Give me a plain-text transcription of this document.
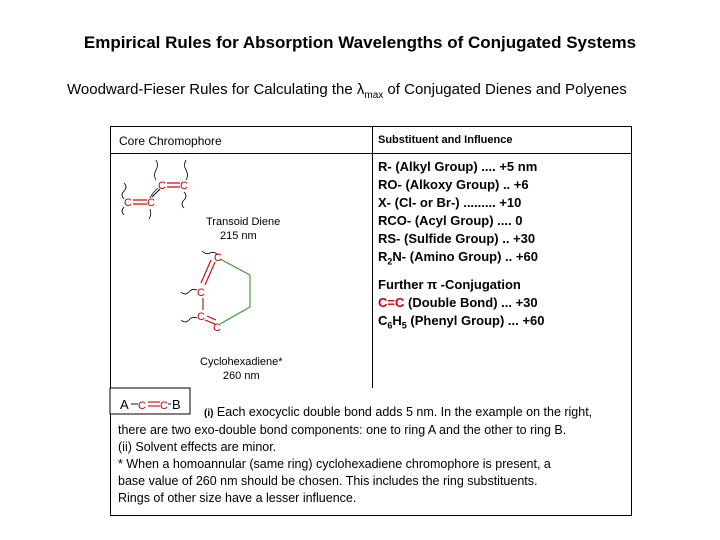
Empirical Rules for Absorption Wavelengths of Conjugated Systems
Woodward-Fieser Rules for Calculating the $\lambda_{max}$ of Conjugated Dienes and Polyenes
Core Chromophore	Substituent and Influence
R- (Alkyl Group) .... +5 nm
RO- (Alkoxy Group) .. +6
X- (Cl- or Br-) ......... +10
RCO- (Acyl Group) .... 0
RS- (Sulfide Group) .. +30
$R_2N-$ (Amino Group) .. +60
Further π -Conjugation
C=C (Double Bond) ... +30
$C_6H_5$ (Phenyl Group) ... +60
C C
C C
C
C
C
C
A	B
C C
Transoid Diene
215 nm
Cyclohexadiene*
260 nm
(i) Each exocyclic double bond adds 5 nm. In the example on the right,
there are two exo-double bond components: one to ring A and the other to ring B.
(ii) Solvent effects are minor.
* When a homoannular (same ring) cyclohexadiene chromophore is present, a
base value of 260 nm should be chosen. This includes the ring substituents.
Rings of other size have a lesser influence.
